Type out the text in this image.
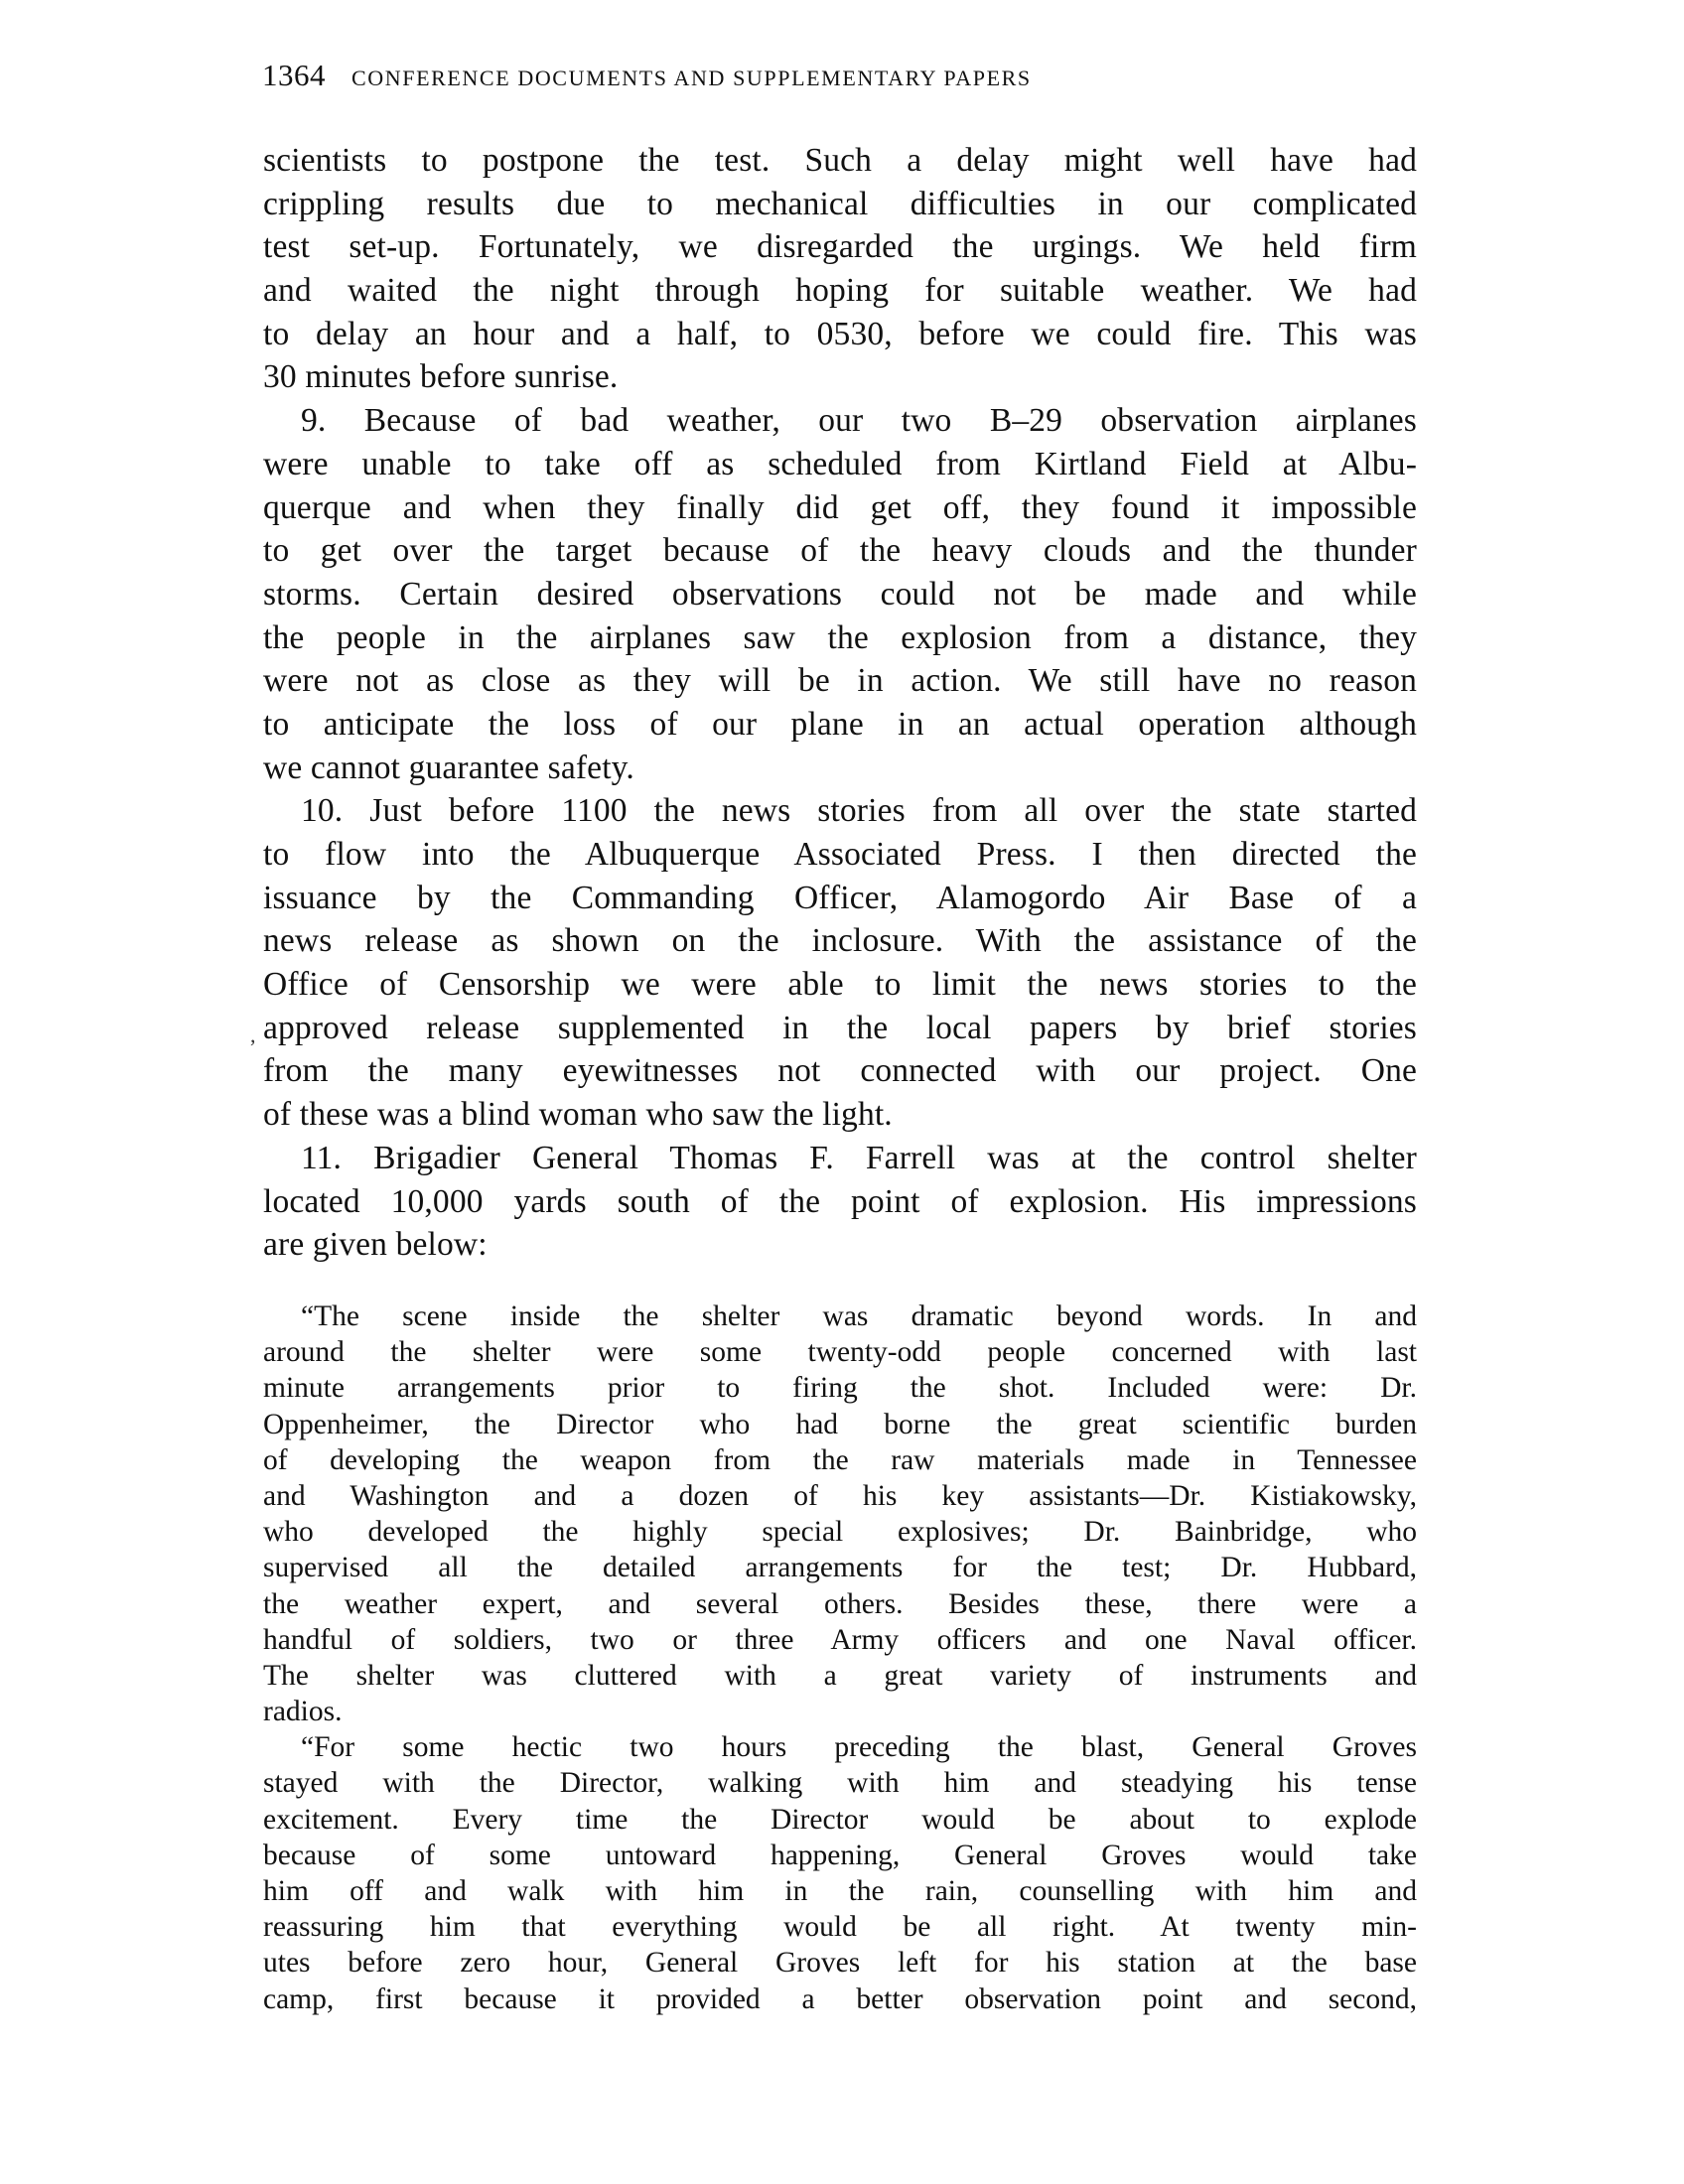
1364 CONFERENCE DOCUMENTS AND SUPPLEMENTARY PAPERS
scientists to postpone the test. Such a delay might well have had
crippling results due to mechanical difficulties in our complicated
test set-up. Fortunately, we disregarded the urgings. We held firm
and waited the night through hoping for suitable weather. We had
to delay an hour and a half, to 0530, before we could fire. This was
30 minutes before sunrise.
9. Because of bad weather, our two B–29 observation airplanes
were unable to take off as scheduled from Kirtland Field at Albu-
querque and when they finally did get off, they found it impossible
to get over the target because of the heavy clouds and the thunder
storms. Certain desired observations could not be made and while
the people in the airplanes saw the explosion from a distance, they
were not as close as they will be in action. We still have no reason
to anticipate the loss of our plane in an actual operation although
we cannot guarantee safety.
10. Just before 1100 the news stories from all over the state started
to flow into the Albuquerque Associated Press. I then directed the
issuance by the Commanding Officer, Alamogordo Air Base of a
news release as shown on the inclosure. With the assistance of the
Office of Censorship we were able to limit the news stories to the
approved release supplemented in the local papers by brief stories
from the many eyewitnesses not connected with our project. One
of these was a blind woman who saw the light.
11. Brigadier General Thomas F. Farrell was at the control shelter
located 10,000 yards south of the point of explosion. His impressions
are given below:
“The scene inside the shelter was dramatic beyond words. In and
around the shelter were some twenty-odd people concerned with last
minute arrangements prior to firing the shot. Included were: Dr.
Oppenheimer, the Director who had borne the great scientific burden
of developing the weapon from the raw materials made in Tennessee
and Washington and a dozen of his key assistants—Dr. Kistiakowsky,
who developed the highly special explosives; Dr. Bainbridge, who
supervised all the detailed arrangements for the test; Dr. Hubbard,
the weather expert, and several others. Besides these, there were a
handful of soldiers, two or three Army officers and one Naval officer.
The shelter was cluttered with a great variety of instruments and
radios.
“For some hectic two hours preceding the blast, General Groves
stayed with the Director, walking with him and steadying his tense
excitement. Every time the Director would be about to explode
because of some untoward happening, General Groves would take
him off and walk with him in the rain, counselling with him and
reassuring him that everything would be all right. At twenty min-
utes before zero hour, General Groves left for his station at the base
camp, first because it provided a better observation point and second,
,
